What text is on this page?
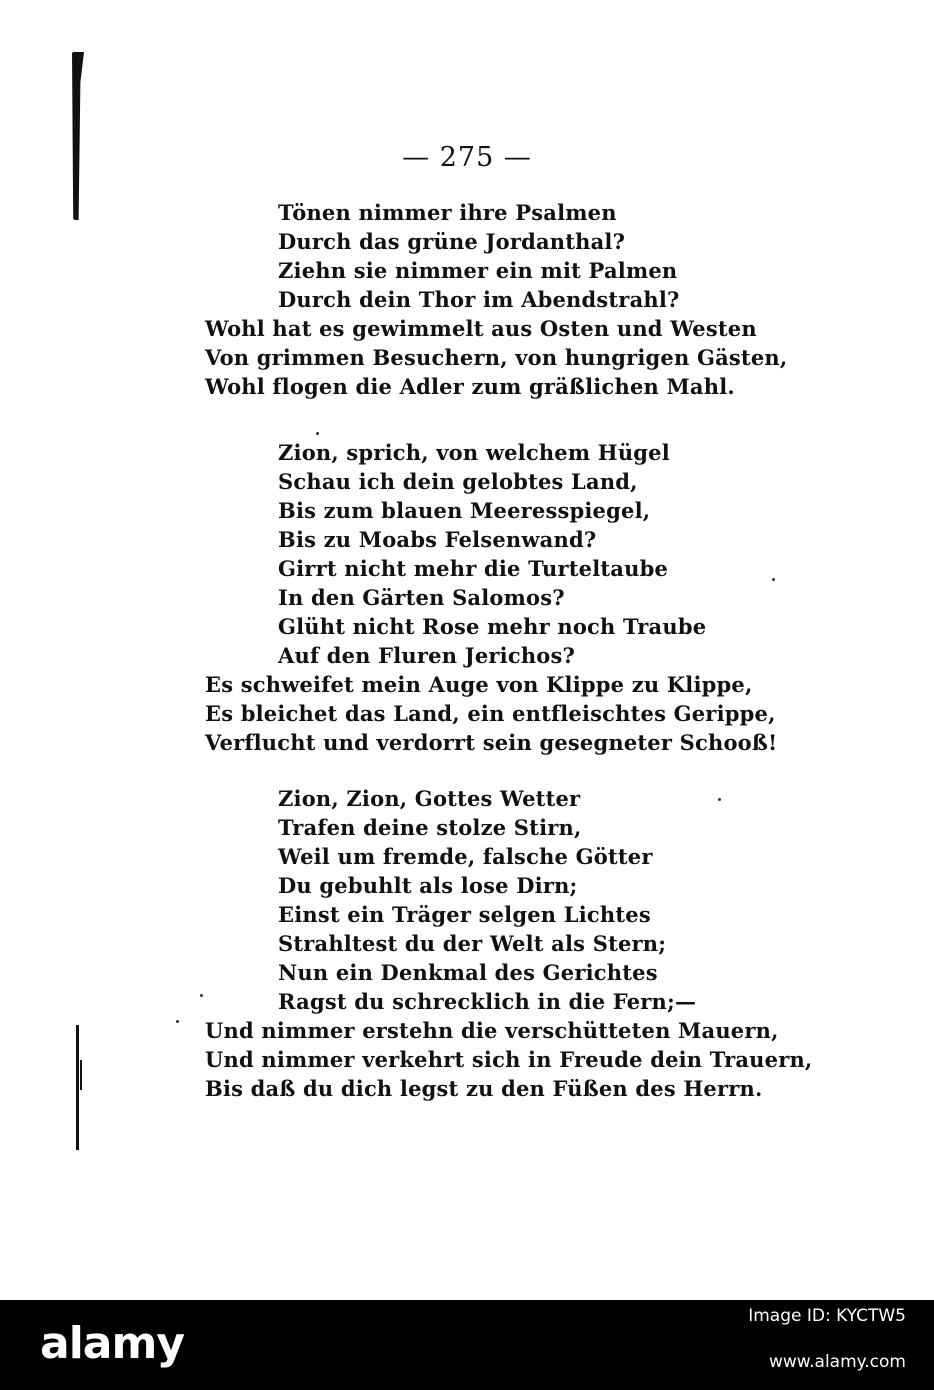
— 275 —
Tönen nimmer ihre Psalmen
Durch das grüne Jordanthal?
Ziehn sie nimmer ein mit Palmen
Durch dein Thor im Abendstrahl?
Wohl hat es gewimmelt aus Osten und Westen
Von grimmen Besuchern, von hungrigen Gästen,
Wohl flogen die Adler zum gräßlichen Mahl.
Zion, sprich, von welchem Hügel
Schau ich dein gelobtes Land,
Bis zum blauen Meeresspiegel,
Bis zu Moabs Felsenwand?
Girrt nicht mehr die Turteltaube
In den Gärten Salomos?
Glüht nicht Rose mehr noch Traube
Auf den Fluren Jerichos?
Es schweifet mein Auge von Klippe zu Klippe,
Es bleichet das Land, ein entfleischtes Gerippe,
Verflucht und verdorrt sein gesegneter Schooß!
Zion, Zion, Gottes Wetter
Trafen deine stolze Stirn,
Weil um fremde, falsche Götter
Du gebuhlt als lose Dirn;
Einst ein Träger selgen Lichtes
Strahltest du der Welt als Stern;
Nun ein Denkmal des Gerichtes
Ragst du schrecklich in die Fern;—
Und nimmer erstehn die verschütteten Mauern,
Und nimmer verkehrt sich in Freude dein Trauern,
Bis daß du dich legst zu den Füßen des Herrn.
alamy
Image ID: KYCTW5
www.alamy.com
